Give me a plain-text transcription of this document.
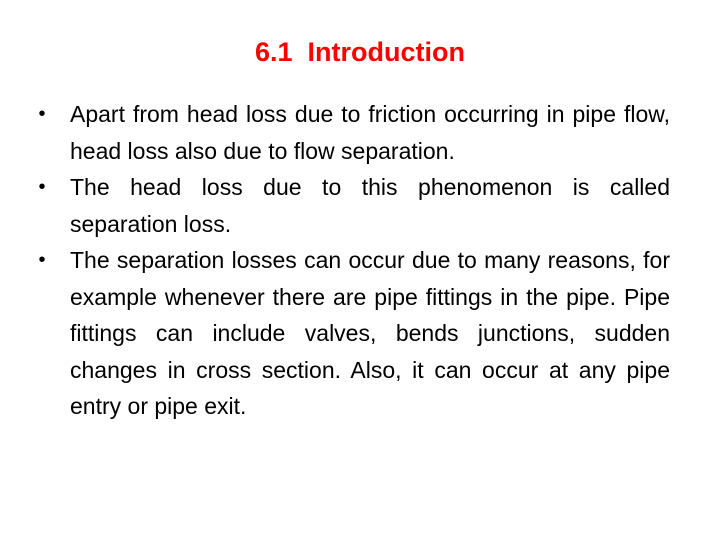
6.1  Introduction
•	Apart from head loss due to friction occurring in pipe flow, head loss also due to flow separation.
•	The head loss due to this phenomenon is called separation loss.
•	The separation losses can occur due to many reasons, for example whenever there are pipe fittings in the pipe. Pipe fittings can include valves, bends junctions, sudden changes in cross section. Also, it can occur at any pipe entry or pipe exit.
